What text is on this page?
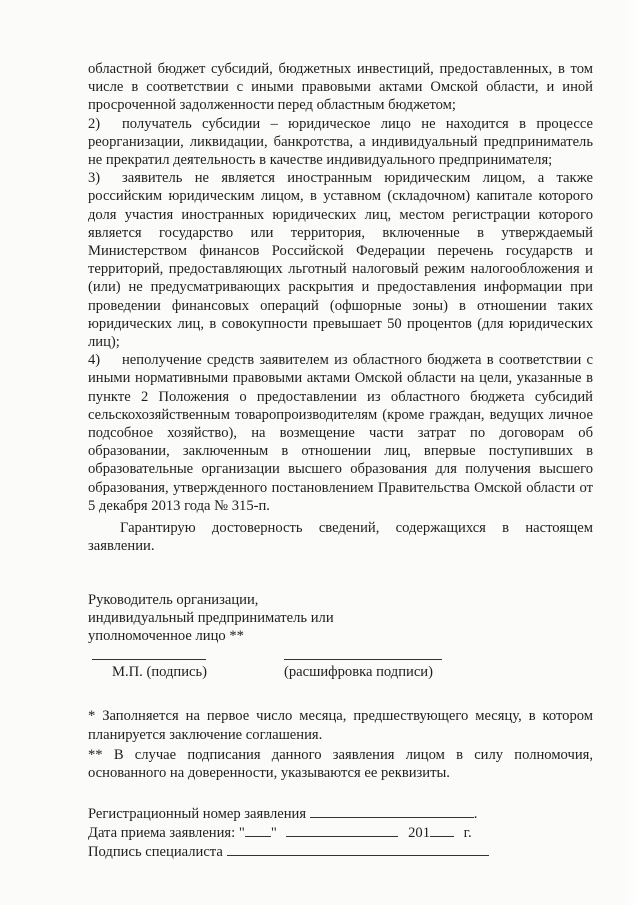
областной бюджет субсидий, бюджетных инвестиций, предоставленных, в том числе в соответствии с иными правовыми актами Омской области, и иной просроченной задолженности перед областным бюджетом;

2) получатель субсидии – юридическое лицо не находится в процессе реорганизации, ликвидации, банкротства, а индивидуальный предприниматель не прекратил деятельность в качестве индивидуального предпринимателя;

3) заявитель не является иностранным юридическим лицом, а также российским юридическим лицом, в уставном (складочном) капитале которого доля участия иностранных юридических лиц, местом регистрации которого является государство или территория, включенные в утверждаемый Министерством финансов Российской Федерации перечень государств и территорий, предоставляющих льготный налоговый режим налогообложения и (или) не предусматривающих раскрытия и предоставления информации при проведении финансовых операций (офшорные зоны) в отношении таких юридических лиц, в совокупности превышает 50 процентов (для юридических лиц);

4) неполучение средств заявителем из областного бюджета в соответствии с иными нормативными правовыми актами Омской области на цели, указанные в пункте 2 Положения о предоставлении из областного бюджета субсидий сельскохозяйственным товаропроизводителям (кроме граждан, ведущих личное подсобное хозяйство), на возмещение части затрат по договорам об образовании, заключенным в отношении лиц, впервые поступивших в образовательные организации высшего образования для получения высшего образования, утвержденного постановлением Правительства Омской области от 5 декабря 2013 года № 315-п.

Гарантирую достоверность сведений, содержащихся в настоящем заявлении.

Руководитель организации,
индивидуальный предприниматель или
уполномоченное лицо **
М.П. (подпись)	(расшифровка подписи)

* Заполняется на первое число месяца, предшествующего месяцу, в котором планируется заключение соглашения.

** В случае подписания данного заявления лицом в силу полномочия, основанного на доверенности, указываются ее реквизиты.

Регистрационный номер заявления	.
Дата приема заявления: " "	201 г.
Подпись специалиста
